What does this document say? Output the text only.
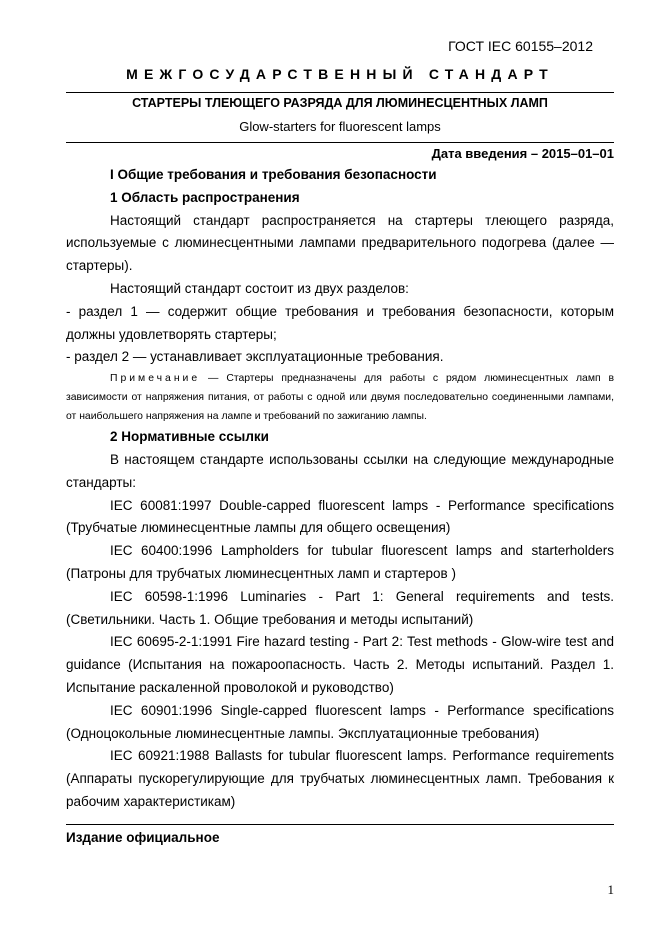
ГОСТ IEC 60155–2012
МЕЖГОСУДАРСТВЕННЫЙ СТАНДАРТ
СТАРТЕРЫ ТЛЕЮЩЕГО РАЗРЯДА ДЛЯ ЛЮМИНЕСЦЕНТНЫХ ЛАМП
Glow-starters for fluorescent lamps
Дата введения – 2015–01–01

I Общие требования и требования безопасности

1 Область распространения

Настоящий стандарт распространяется на стартеры тлеющего разряда, используемые с люминесцентными лампами предварительного подогрева (далее — стартеры).

Настоящий стандарт состоит из двух разделов:

- раздел 1 — содержит общие требования и требования безопасности, которым должны удовлетворять стартеры;

- раздел 2 — устанавливает эксплуатационные требования.

Примечание — Стартеры предназначены для работы с рядом люминесцентных ламп в зависимости от напряжения питания, от работы с одной или двумя последовательно соединенными лампами, от наибольшего напряжения на лампе и требований по зажиганию лампы.

2 Нормативные ссылки

В настоящем стандарте использованы ссылки на следующие международные стандарты:

IEC 60081:1997 Double-capped fluorescent lamps - Performance specifications (Трубчатые люминесцентные лампы для общего освещения)

IEC 60400:1996 Lampholders for tubular fluorescent lamps and starterholders (Патроны для трубчатых люминесцентных ламп и стартеров )

IEC 60598-1:1996 Luminaries - Part 1: General requirements and tests. (Светильники. Часть 1. Общие требования и методы испытаний)

IEC 60695-2-1:1991 Fire hazard testing - Part 2: Test methods - Glow-wire test and guidance (Испытания на пожароопасность. Часть 2. Методы испытаний. Раздел 1. Испытание раскаленной проволокой и руководство)

IEC 60901:1996 Single-capped fluorescent lamps - Performance specifications (Одноцокольные люминесцентные лампы. Эксплуатационные требования)

IEC 60921:1988 Ballasts for tubular fluorescent lamps. Performance requirements (Аппараты пускорегулирующие для трубчатых люминесцентных ламп. Требования к рабочим характеристикам)

Издание официальное
1
